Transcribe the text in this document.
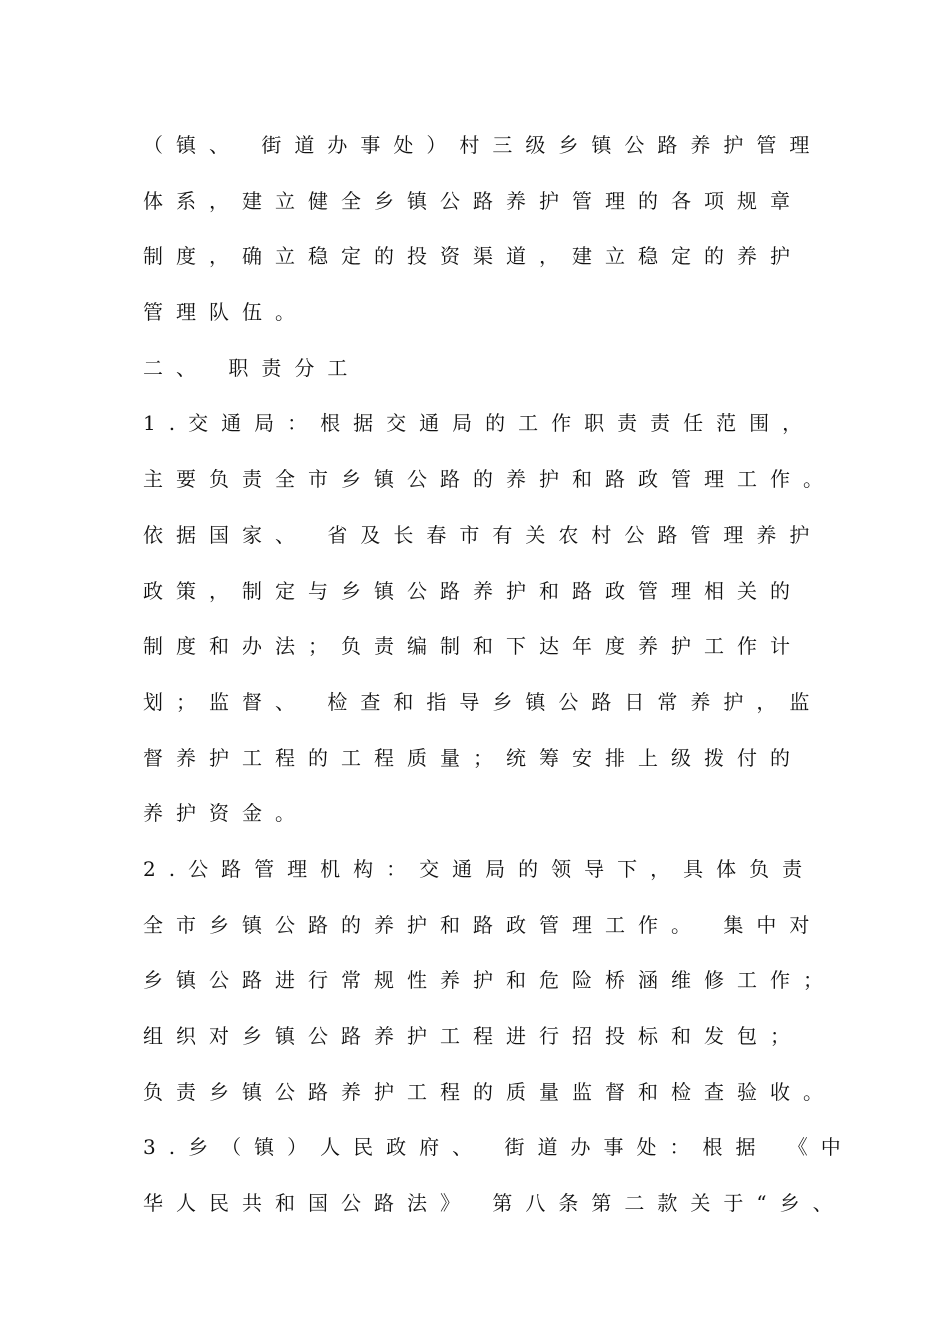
（镇、 街道办事处）村三级乡镇公路养护管理
体系，建立健全乡镇公路养护管理的各项规章
制度，确立稳定的投资渠道，建立稳定的养护
管理队伍。
二、 职责分工
1.交通局：根据交通局的工作职责责任范围，
主要负责全市乡镇公路的养护和路政管理工作。
依据国家、 省及长春市有关农村公路管理养护
政策，制定与乡镇公路养护和路政管理相关的
制度和办法；负责编制和下达年度养护工作计
划；监督、 检查和指导乡镇公路日常养护，监
督养护工程的工程质量；统筹安排上级拨付的
养护资金。
2.公路管理机构：交通局的领导下，具体负责
全市乡镇公路的养护和路政管理工作。 集中对
乡镇公路进行常规性养护和危险桥涵维修工作；
组织对乡镇公路养护工程进行招投标和发包；
负责乡镇公路养护工程的质量监督和检查验收。
3.乡（镇）人民政府、 街道办事处：根据 《中
华人民共和国公路法》 第八条第二款关于“乡、
